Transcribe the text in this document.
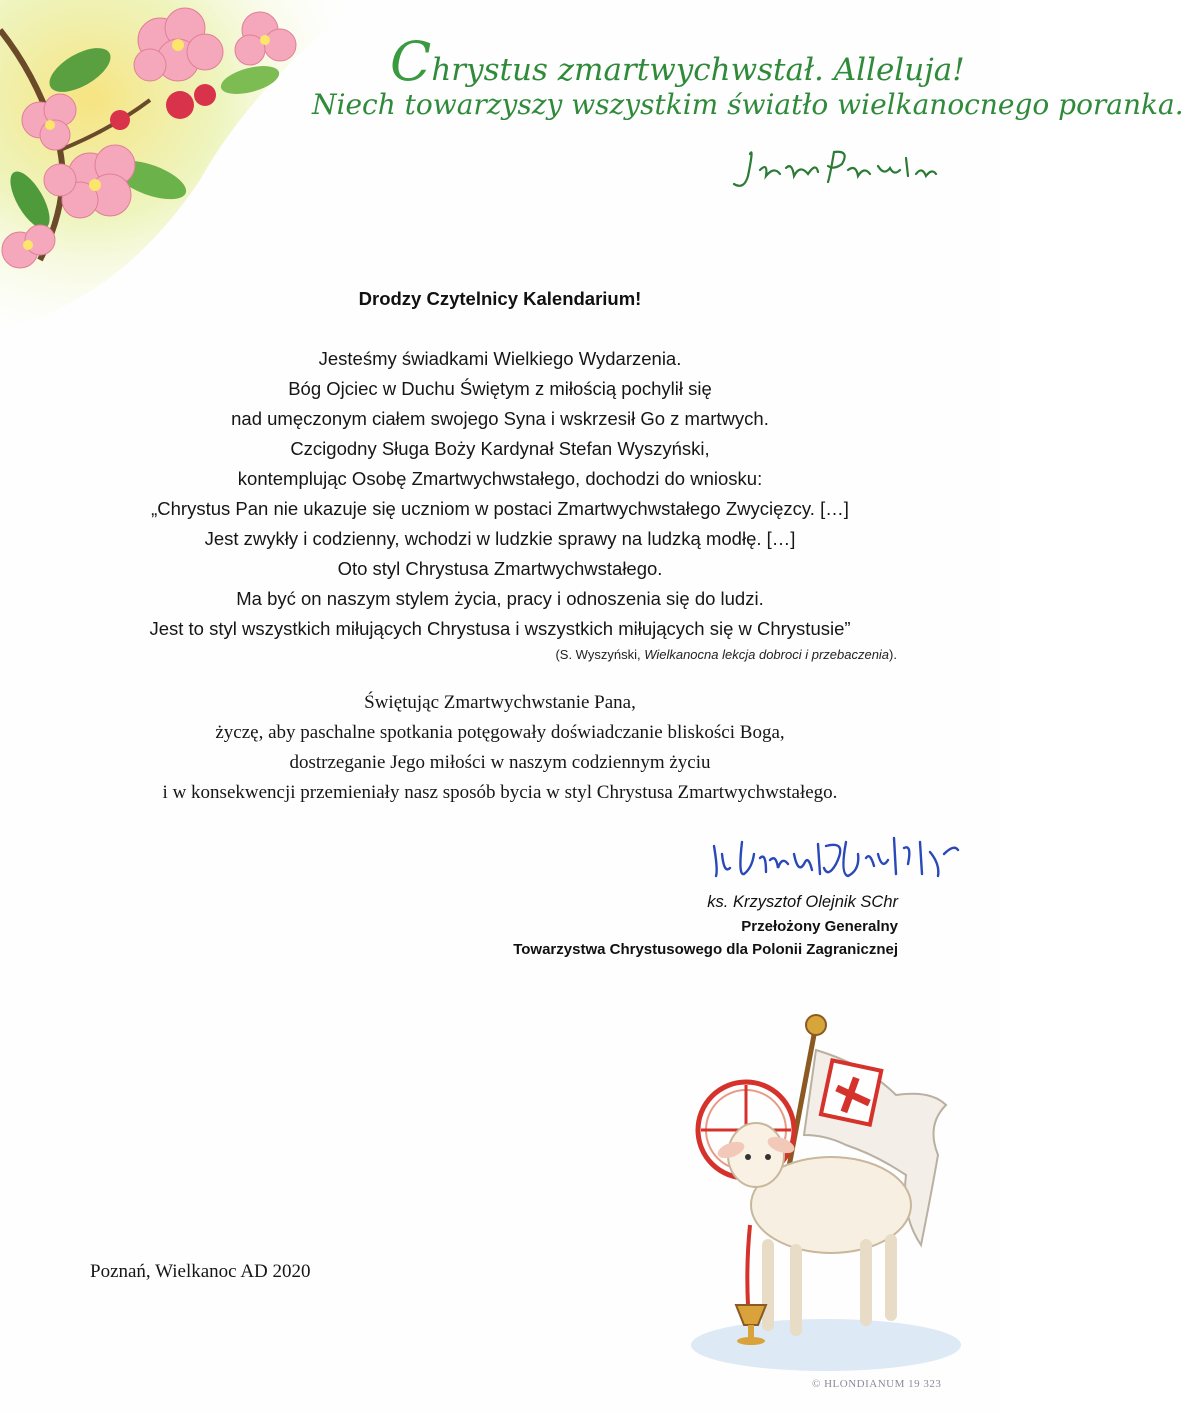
Chrystus zmartwychwstał. Alleluja!
Niech towarzyszy wszystkim światło wielkanocnego poranka.
Drodzy Czytelnicy Kalendarium!
Jesteśmy świadkami Wielkiego Wydarzenia.
Bóg Ojciec w Duchu Świętym z miłością pochylił się
nad umęczonym ciałem swojego Syna i wskrzesił Go z martwych.
Czcigodny Sługa Boży Kardynał Stefan Wyszyński,
kontemplując Osobę Zmartwychwstałego, dochodzi do wniosku:
„Chrystus Pan nie ukazuje się uczniom w postaci Zmartwychwstałego Zwycięzcy. […]
Jest zwykły i codzienny, wchodzi w ludzkie sprawy na ludzką modłę. […]
Oto styl Chrystusa Zmartwychwstałego.
Ma być on naszym stylem życia, pracy i odnoszenia się do ludzi.
Jest to styl wszystkich miłujących Chrystusa i wszystkich miłujących się w Chrystusie”
(S. Wyszyński, Wielkanocna lekcja dobroci i przebaczenia).
Świętując Zmartwychwstanie Pana,
życzę, aby paschalne spotkania potęgowały doświadczanie bliskości Boga,
dostrzeganie Jego miłości w naszym codziennym życiu
i w konsekwencji przemieniały nasz sposób bycia w styl Chrystusa Zmartwychwstałego.
ks. Krzysztof Olejnik SChr
Przełożony Generalny
Towarzystwa Chrystusowego dla Polonii Zagranicznej
Poznań, Wielkanoc AD 2020
© HLONDIANUM 19 323
